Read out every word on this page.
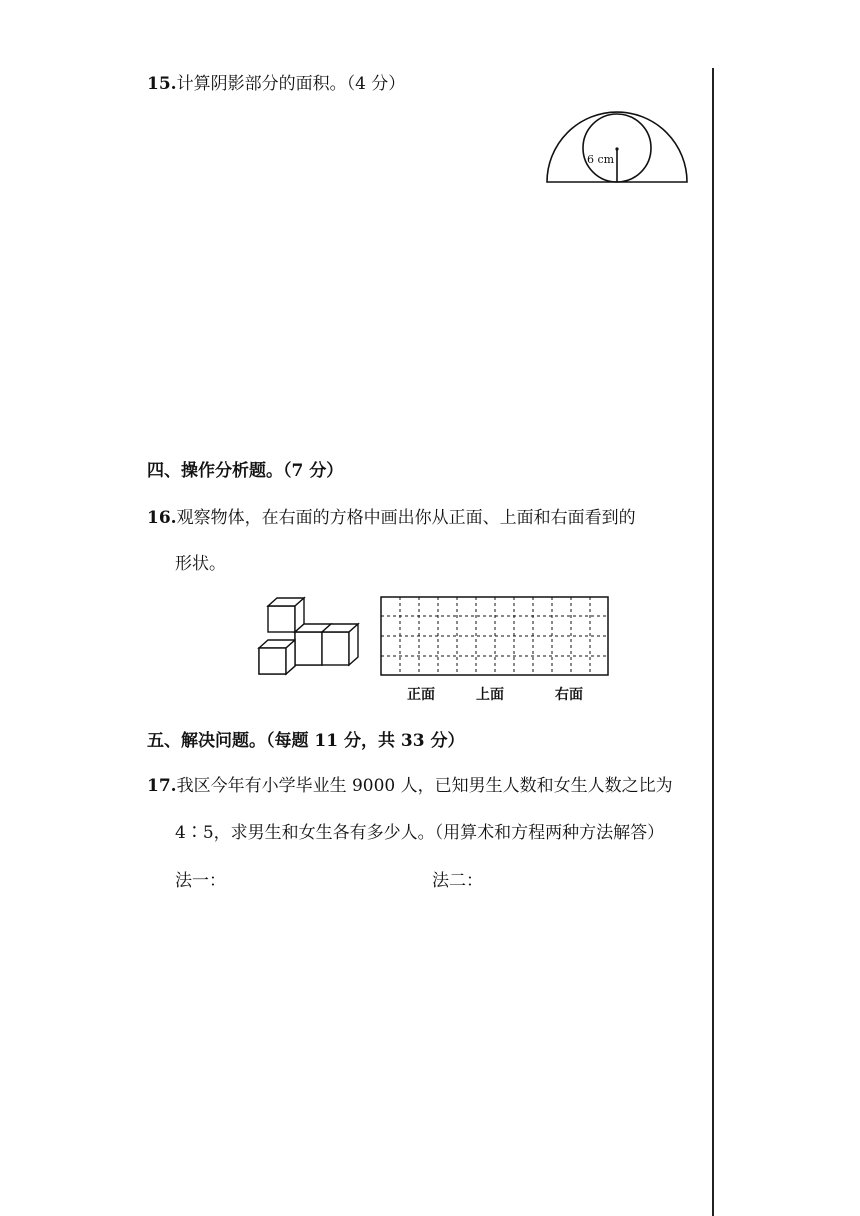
15.计算阴影部分的面积。（4 分）
6 cm
四、操作分析题。（7 分）
16.观察物体，在右面的方格中画出你从正面、上面和右面看到的
形状。
正面	上面	右面
五、解决问题。（每题 11 分，共 33 分）
17.我区今年有小学毕业生 9000 人，已知男生人数和女生人数之比为
4∶5，求男生和女生各有多少人。（用算术和方程两种方法解答）
法一：	法二：
